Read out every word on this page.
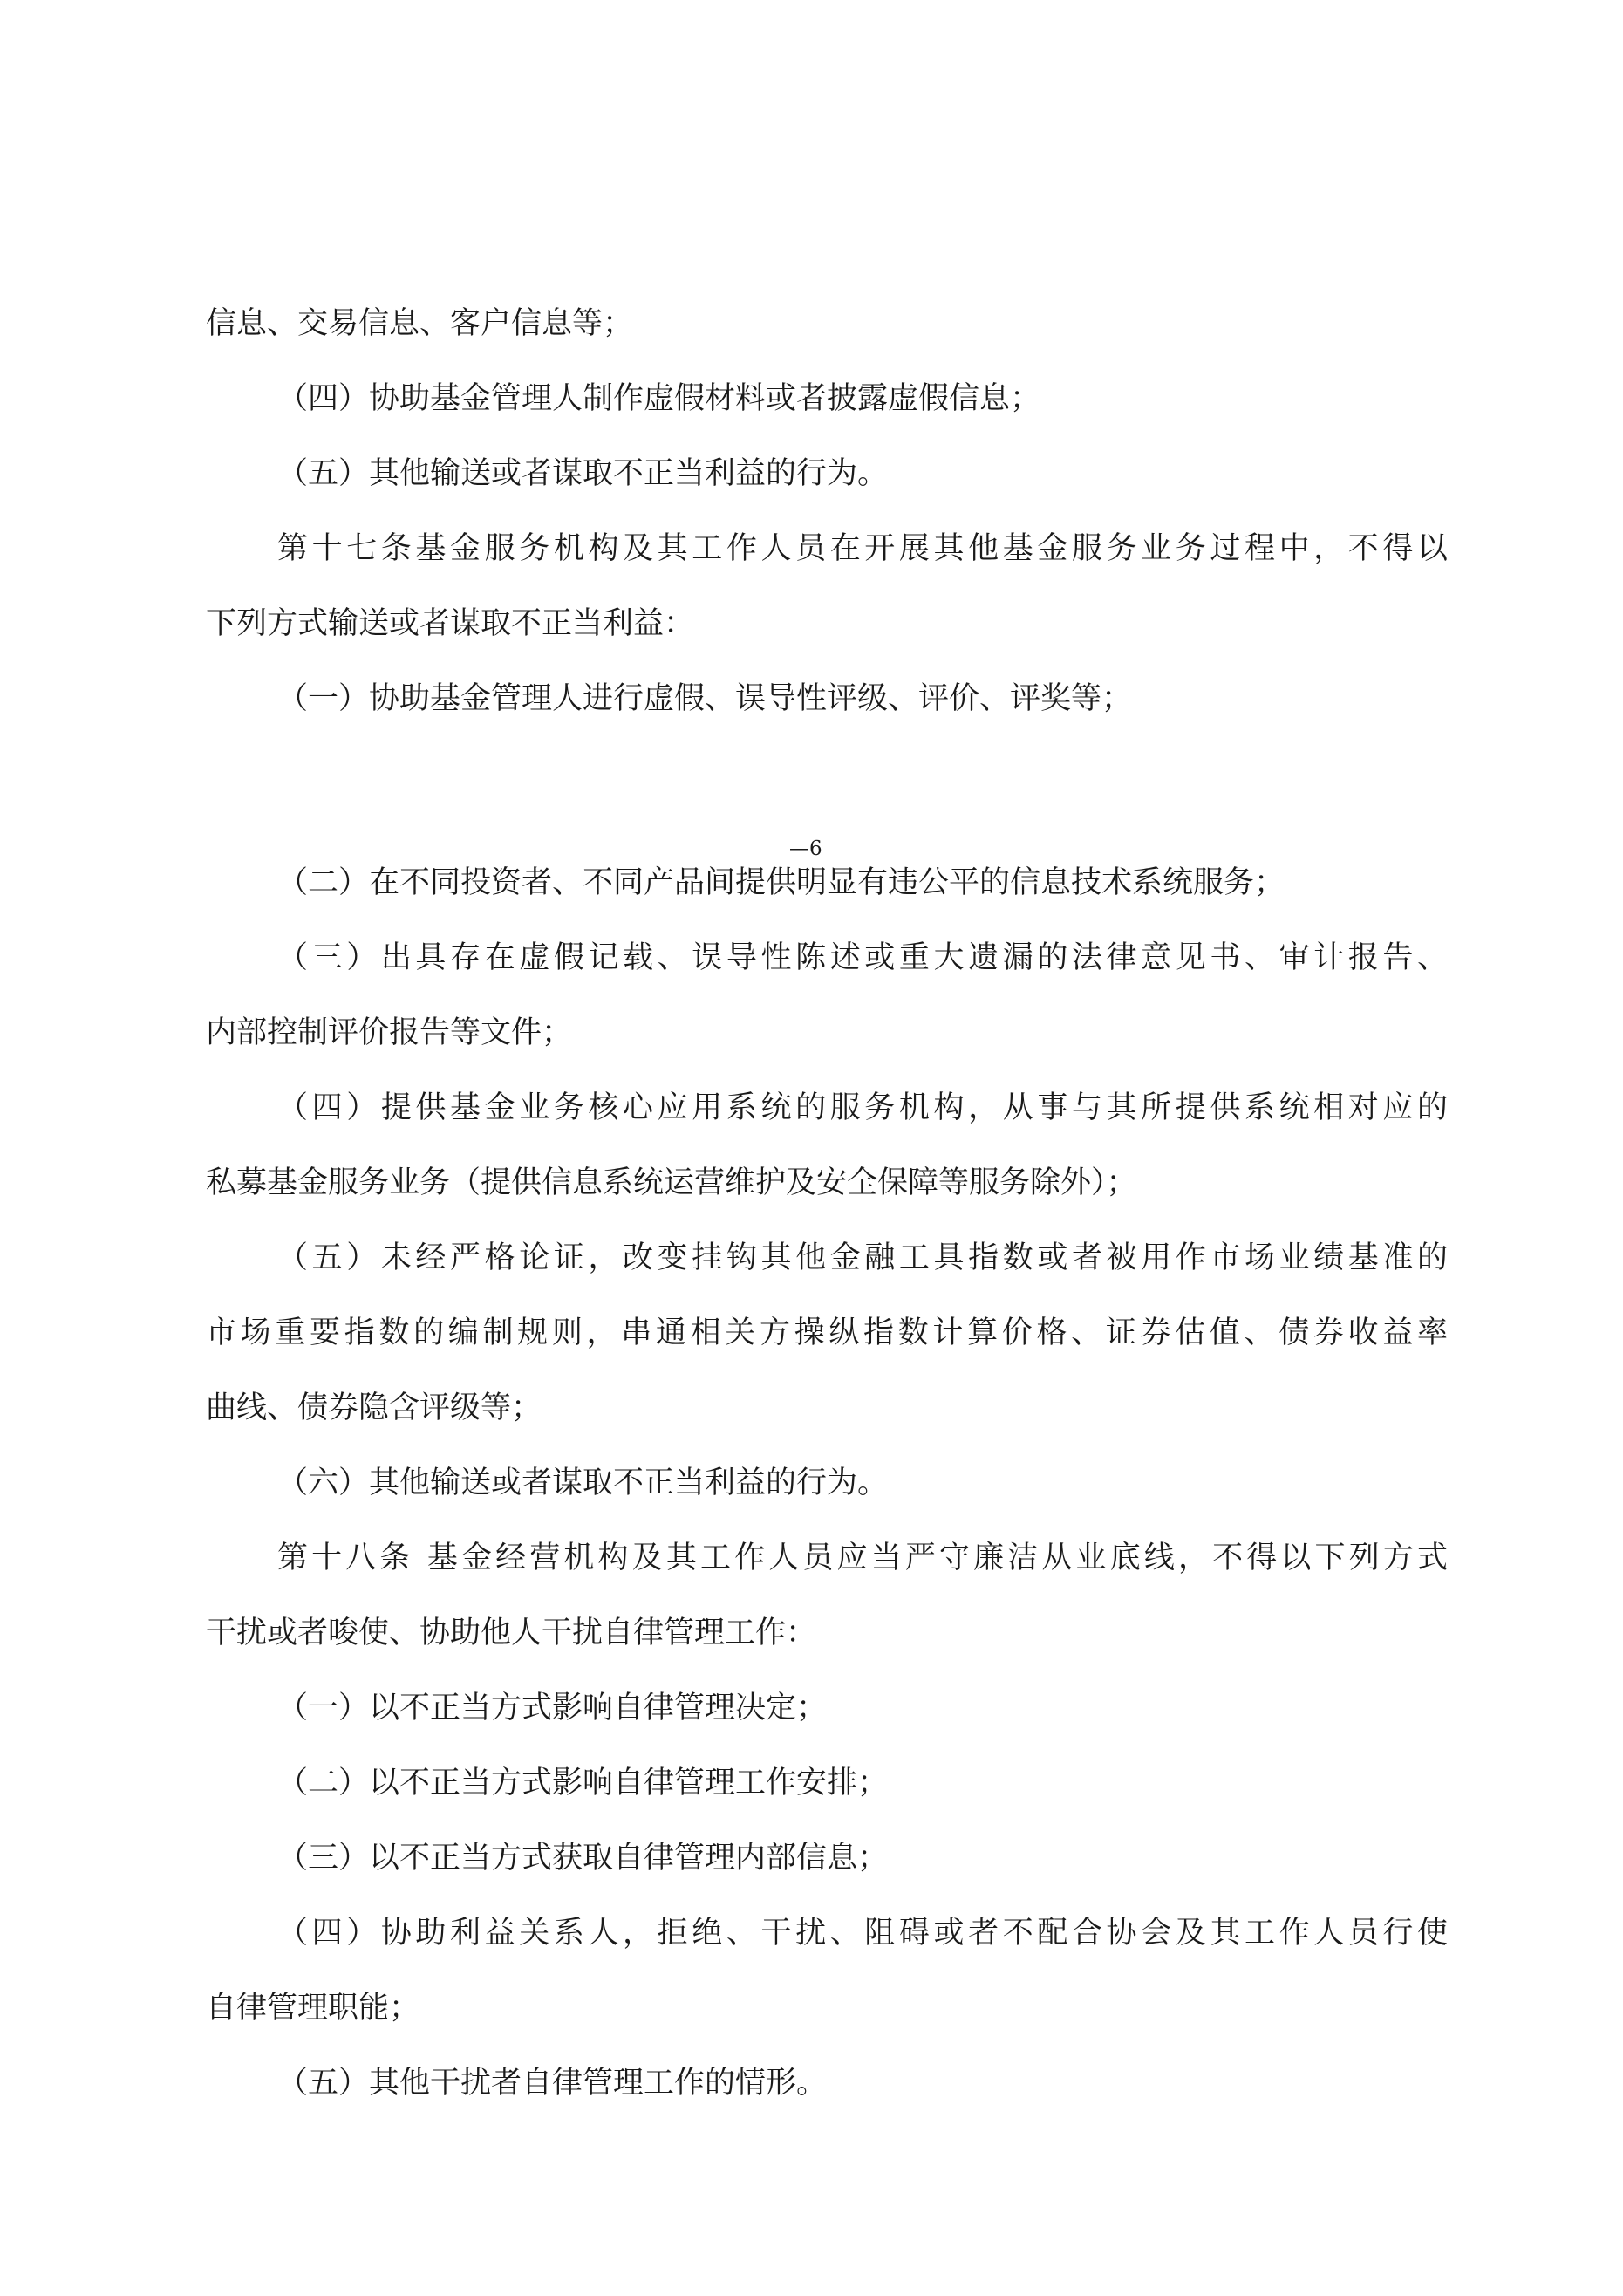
信息、交易信息、客户信息等；
（四）协助基金管理人制作虚假材料或者披露虚假信息；
（五）其他输送或者谋取不正当利益的行为。
第十七条基金服务机构及其工作人员在开展其他基金服务业务过程中，不得以
下列方式输送或者谋取不正当利益：
（一）协助基金管理人进行虚假、误导性评级、评价、评奖等；
—6
（二）在不同投资者、不同产品间提供明显有违公平的信息技术系统服务；
（三）出具存在虚假记载、误导性陈述或重大遗漏的法律意见书、审计报告、
内部控制评价报告等文件；
（四）提供基金业务核心应用系统的服务机构，从事与其所提供系统相对应的
私募基金服务业务（提供信息系统运营维护及安全保障等服务除外）；
（五）未经严格论证，改变挂钩其他金融工具指数或者被用作市场业绩基准的
市场重要指数的编制规则，串通相关方操纵指数计算价格、证券估值、债券收益率
曲线、债券隐含评级等；
（六）其他输送或者谋取不正当利益的行为。
第十八条 基金经营机构及其工作人员应当严守廉洁从业底线，不得以下列方式
干扰或者唆使、协助他人干扰自律管理工作：
（一）以不正当方式影响自律管理决定；
（二）以不正当方式影响自律管理工作安排；
（三）以不正当方式获取自律管理内部信息；
（四）协助利益关系人，拒绝、干扰、阻碍或者不配合协会及其工作人员行使
自律管理职能；
（五）其他干扰者自律管理工作的情形。
